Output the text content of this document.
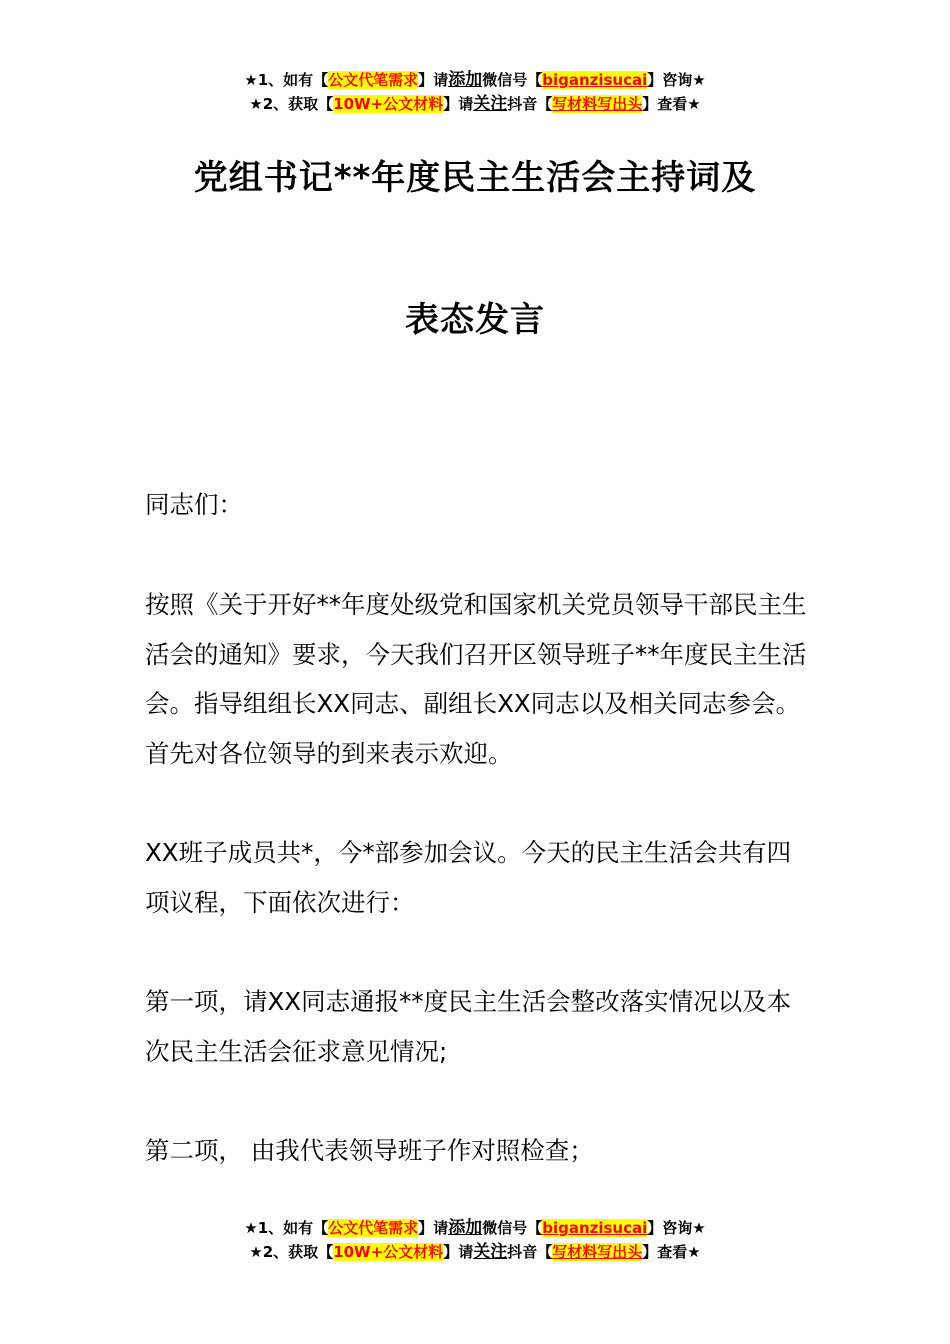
★1、如有【公文代笔需求】请添加微信号【biganzisucai】咨询★
★2、获取【10W+公文材料】请关注抖音【写材料写出头】查看★
党组书记**年度民主生活会主持词及
表态发言

同志们：

按照《关于开好**年度处级党和国家机关党员领导干部民主生活会的通知》要求，今天我们召开区领导班子**年度民主生活会。指导组组长XX同志、副组长XX同志以及相关同志参会。首先对各位领导的到来表示欢迎。

XX班子成员共*，今*部参加会议。今天的民主生活会共有四项议程，下面依次进行：

第一项，请XX同志通报**度民主生活会整改落实情况以及本次民主生活会征求意见情况;

第二项， 由我代表领导班子作对照检查；

★1、如有【公文代笔需求】请添加微信号【biganzisucai】咨询★
★2、获取【10W+公文材料】请关注抖音【写材料写出头】查看★
